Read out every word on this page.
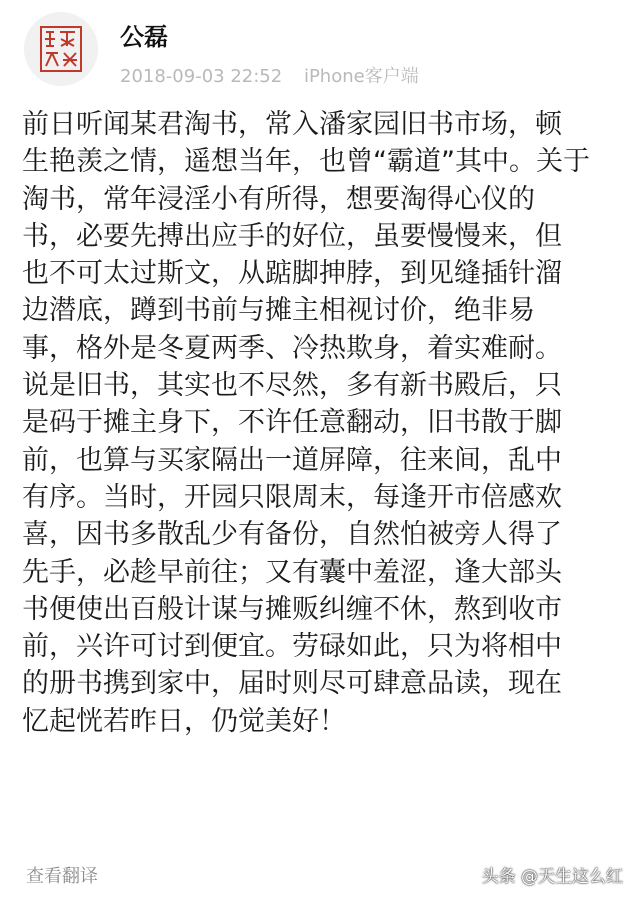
公磊
2018-09-03 22:52 iPhone客户端
前日听闻某君淘书，常入潘家园旧书市场，顿
生艳羡之情，遥想当年，也曾“霸道”其中。关于
淘书，常年浸淫小有所得，想要淘得心仪的
书，必要先搏出应手的好位，虽要慢慢来，但
也不可太过斯文，从踮脚抻脖，到见缝插针溜
边潜底，蹲到书前与摊主相视讨价，绝非易
事，格外是冬夏两季、冷热欺身，着实难耐。
说是旧书，其实也不尽然，多有新书殿后，只
是码于摊主身下，不许任意翻动，旧书散于脚
前，也算与买家隔出一道屏障，往来间，乱中
有序。当时，开园只限周末，每逢开市倍感欢
喜，因书多散乱少有备份，自然怕被旁人得了
先手，必趁早前往；又有囊中羞涩，逢大部头
书便使出百般计谋与摊贩纠缠不休，熬到收市
前，兴许可讨到便宜。劳碌如此，只为将相中
的册书携到家中，届时则尽可肆意品读，现在
忆起恍若昨日，仍觉美好！
查看翻译	头条 @天生这么红
